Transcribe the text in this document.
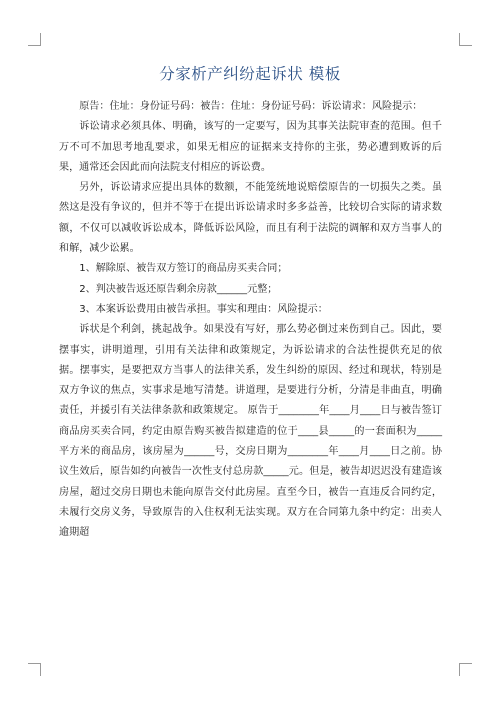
分家析产纠纷起诉状 模板

原告：住址：身份证号码：被告：住址：身份证号码：诉讼请求：风险提示：

诉讼请求必须具体、明确，该写的一定要写，因为其事关法院审查的范围。但千万不可不加思考地乱要求，如果无相应的证据来支持你的主张，势必遭到败诉的后果，通常还会因此而向法院支付相应的诉讼费。

另外，诉讼请求应提出具体的数额，不能笼统地说赔偿原告的一切损失之类。虽然这是没有争议的，但并不等于在提出诉讼请求时多多益善，比较切合实际的请求数额，不仅可以减收诉讼成本，降低诉讼风险，而且有利于法院的调解和双方当事人的和解，减少讼累。

1、解除原、被告双方签订的商品房买卖合同；

2、判决被告返还原告剩余房款______元整；

3、本案诉讼费用由被告承担。事实和理由：风险提示：

诉状是个利剑，挑起战争。如果没有写好，那么势必倒过来伤到自己。因此，要摆事实，讲明道理，引用有关法律和政策规定，为诉讼请求的合法性提供充足的依据。摆事实，是要把双方当事人的法律关系，发生纠纷的原因、经过和现状，特别是双方争议的焦点，实事求是地写清楚。讲道理，是要进行分析，分清是非曲直，明确责任，并援引有关法律条款和政策规定。 原告于________年____月____日与被告签订商品房买卖合同，约定由原告购买被告拟建造的位于____县_____的一套面积为_____平方米的商品房，该房屋为______号，交房日期为________年____月____日之前。协议生效后，原告如约向被告一次性支付总房款_____元。但是，被告却迟迟没有建造该房屋，超过交房日期也未能向原告交付此房屋。直至今日，被告一直违反合同约定，未履行交房义务，导致原告的入住权利无法实现。双方在合同第九条中约定：出卖人逾期超
